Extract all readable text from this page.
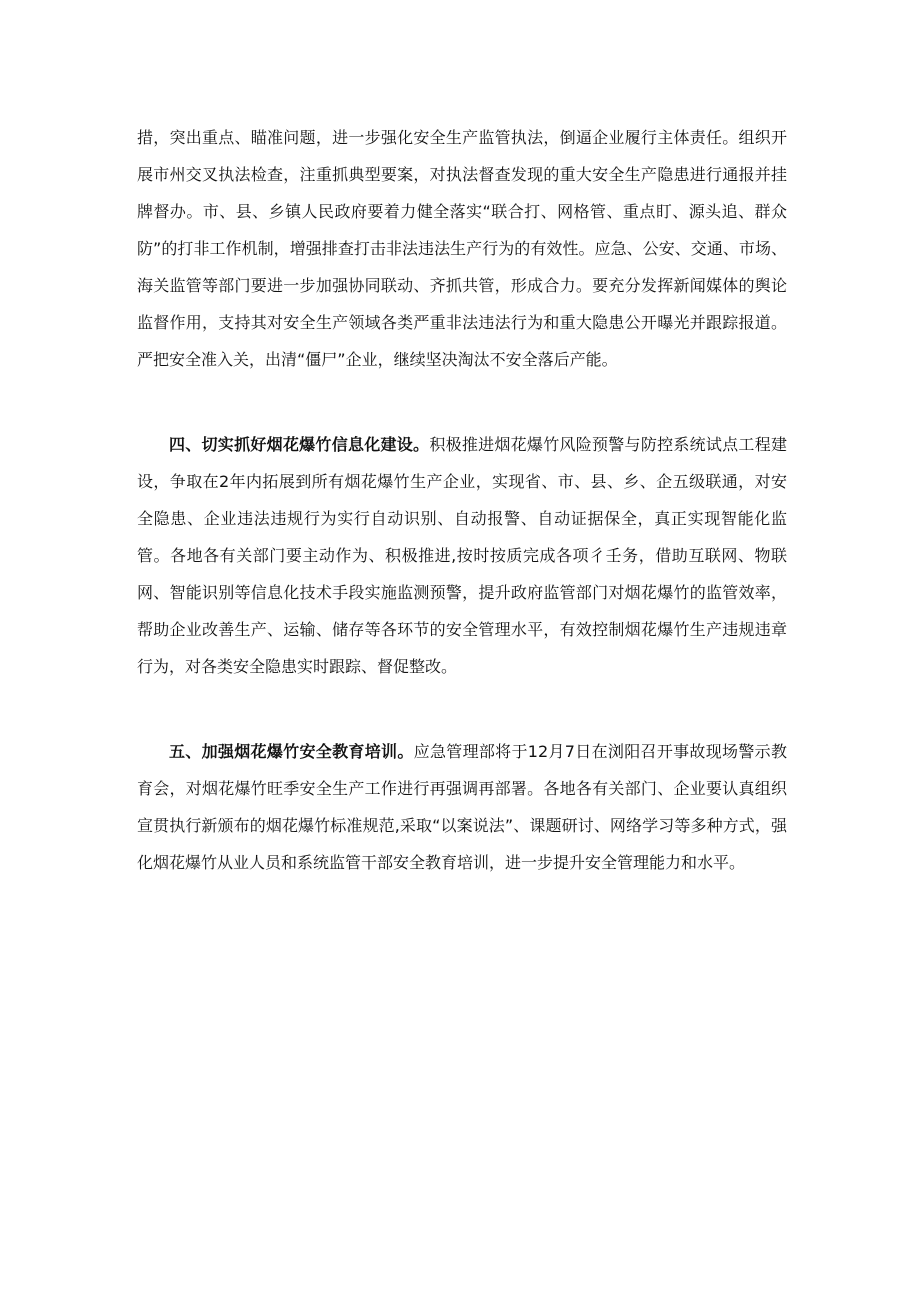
措，突出重点、瞄准问题，进一步强化安全生产监管执法，倒逼企业履行主体责任。组织开展市州交叉执法检查，注重抓典型要案，对执法督查发现的重大安全生产隐患进行通报并挂牌督办。市、县、乡镇人民政府要着力健全落实“联合打、网格管、重点盯、源头追、群众防”的打非工作机制，增强排查打击非法违法生产行为的有效性。应急、公安、交通、市场、海关监管等部门要进一步加强协同联动、齐抓共管，形成合力。要充分发挥新闻媒体的舆论监督作用，支持其对安全生产领域各类严重非法违法行为和重大隐患公开曝光并跟踪报道。严把安全准入关，出清“僵尸”企业，继续坚决淘汰不安全落后产能。

四、切实抓好烟花爆竹信息化建设。积极推进烟花爆竹风险预警与防控系统试点工程建设，争取在2年内拓展到所有烟花爆竹生产企业，实现省、市、县、乡、企五级联通，对安全隐患、企业违法违规行为实行自动识别、自动报警、自动证据保全，真正实现智能化监管。各地各有关部门要主动作为、积极推进,按时按质完成各项彳壬务，借助互联网、物联网、智能识别等信息化技术手段实施监测预警，提升政府监管部门对烟花爆竹的监管效率，帮助企业改善生产、运输、储存等各环节的安全管理水平，有效控制烟花爆竹生产违规违章行为，对各类安全隐患实时跟踪、督促整改。

五、加强烟花爆竹安全教育培训。应急管理部将于12月7日在浏阳召开事故现场警示教育会，对烟花爆竹旺季安全生产工作进行再强调再部署。各地各有关部门、企业要认真组织宣贯执行新颁布的烟花爆竹标准规范,采取“以案说法”、课题研讨、网络学习等多种方式，强化烟花爆竹从业人员和系统监管干部安全教育培训，进一步提升安全管理能力和水平。
